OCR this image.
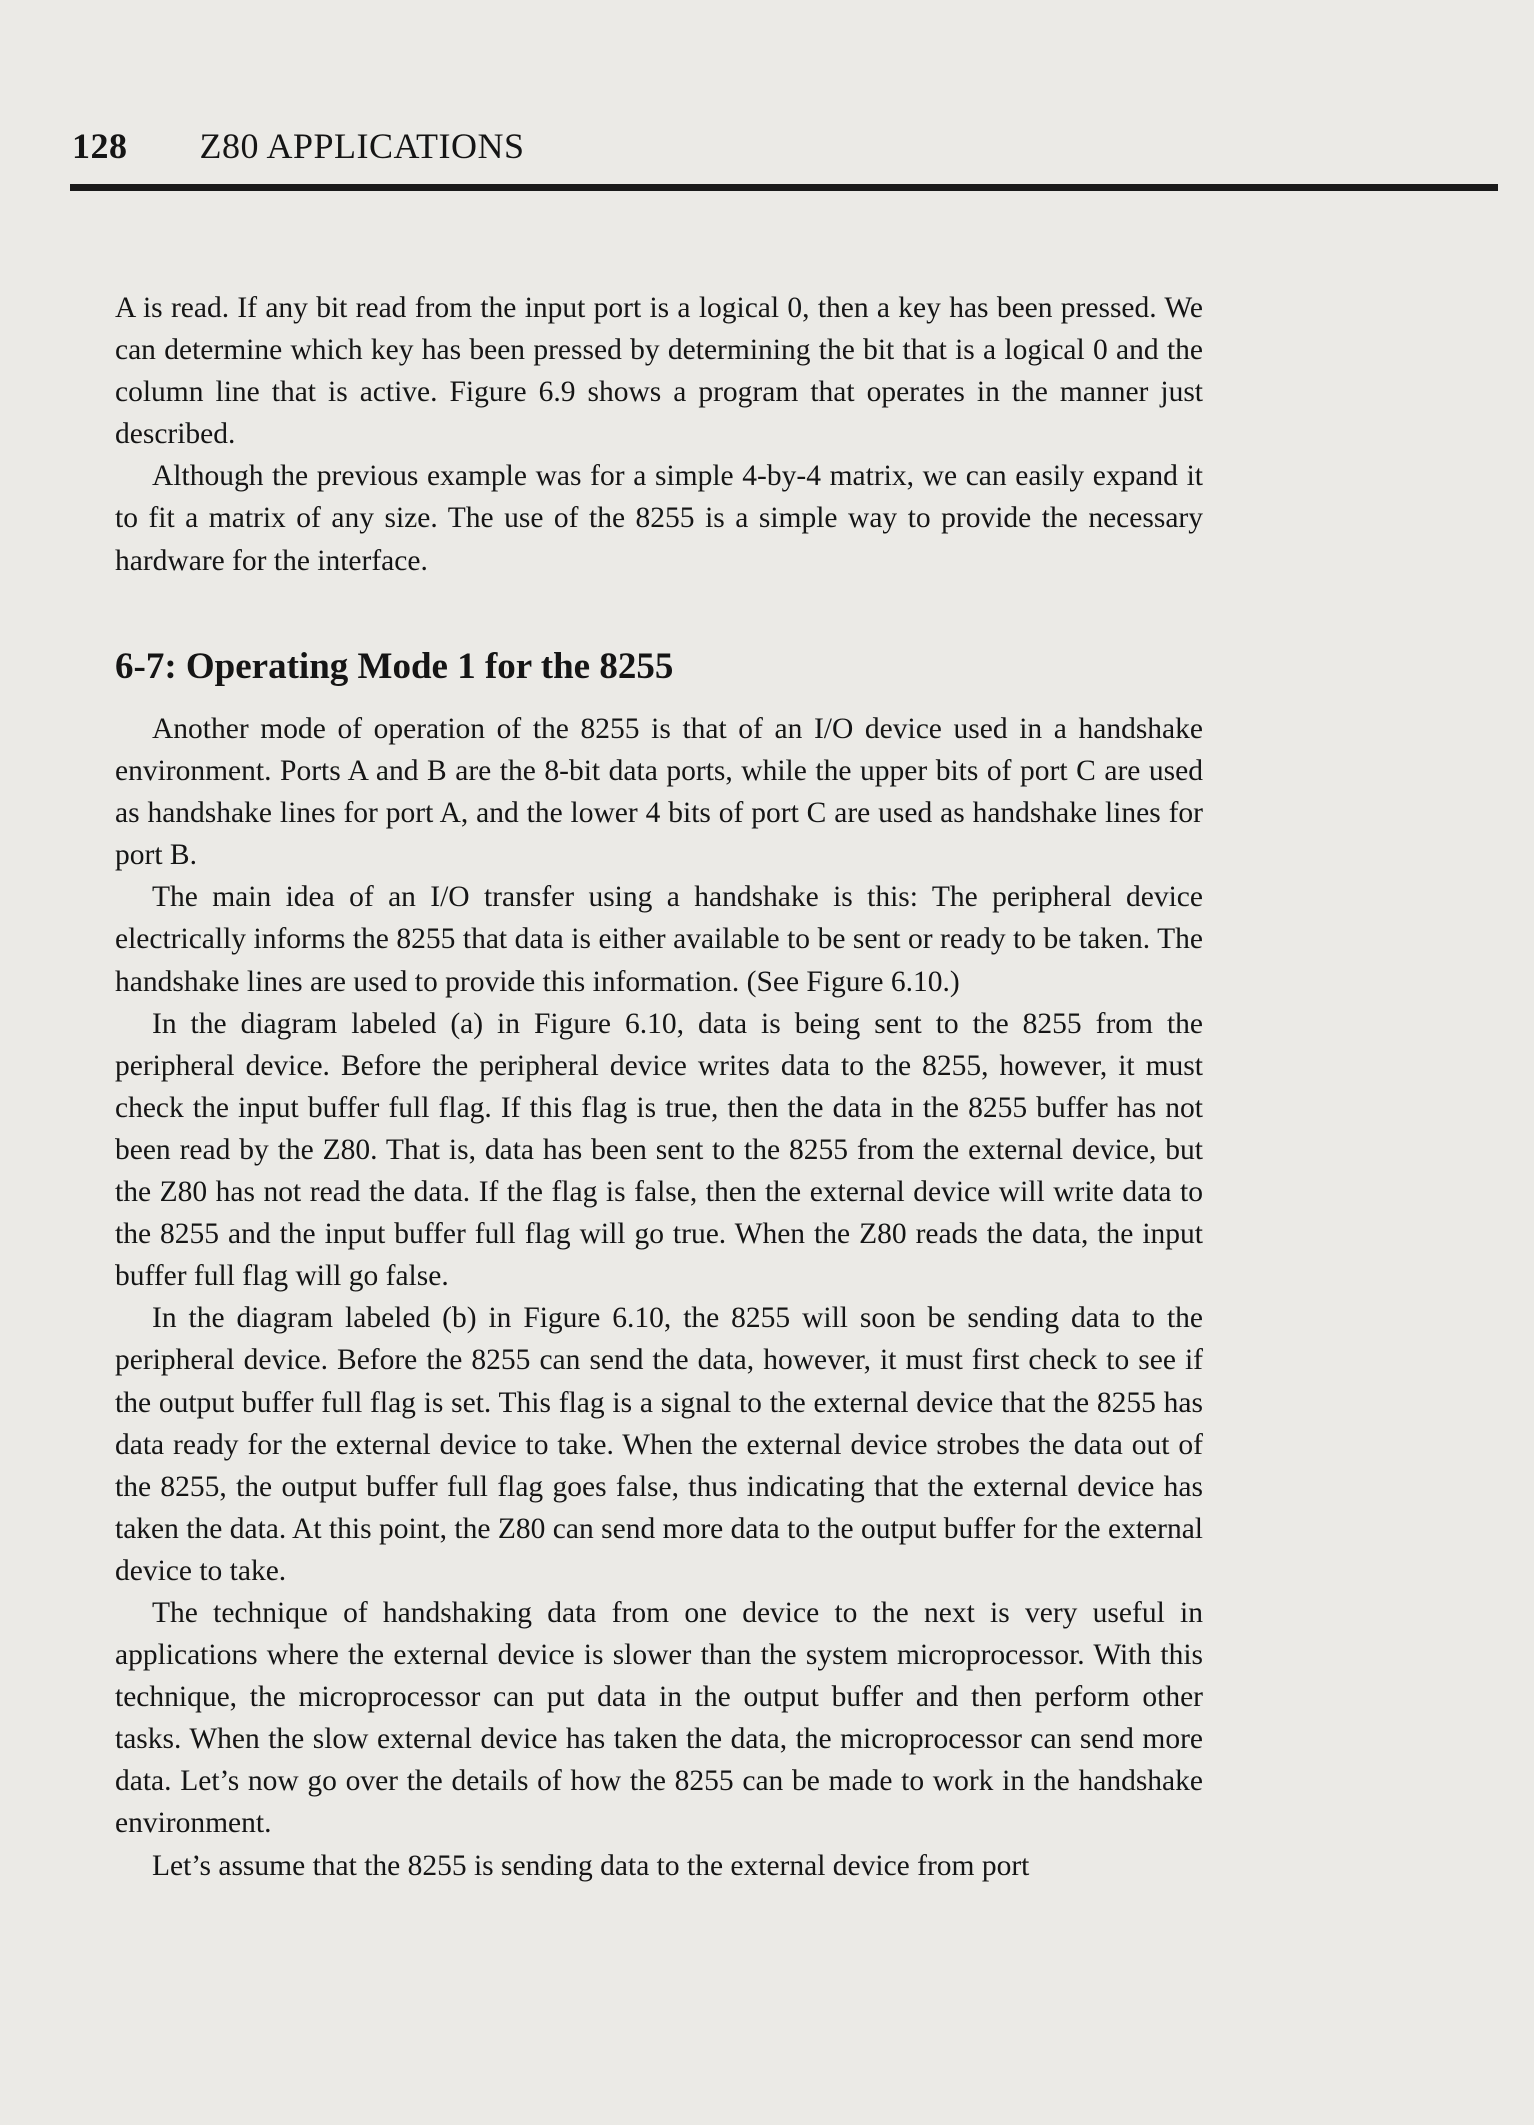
128 Z80 APPLICATIONS

A is read. If any bit read from the input port is a logical 0, then a key has been pressed. We can determine which key has been pressed by determining the bit that is a logical 0 and the column line that is active. Figure 6.9 shows a program that operates in the manner just described.

Although the previous example was for a simple 4-by-4 matrix, we can easily expand it to fit a matrix of any size. The use of the 8255 is a simple way to provide the necessary hardware for the interface.

6-7: Operating Mode 1 for the 8255

Another mode of operation of the 8255 is that of an I/O device used in a handshake environment. Ports A and B are the 8-bit data ports, while the upper bits of port C are used as handshake lines for port A, and the lower 4 bits of port C are used as handshake lines for port B.

The main idea of an I/O transfer using a handshake is this: The peripheral device electrically informs the 8255 that data is either available to be sent or ready to be taken. The handshake lines are used to provide this information. (See Figure 6.10.)

In the diagram labeled (a) in Figure 6.10, data is being sent to the 8255 from the peripheral device. Before the peripheral device writes data to the 8255, however, it must check the input buffer full flag. If this flag is true, then the data in the 8255 buffer has not been read by the Z80. That is, data has been sent to the 8255 from the external device, but the Z80 has not read the data. If the flag is false, then the external device will write data to the 8255 and the input buffer full flag will go true. When the Z80 reads the data, the input buffer full flag will go false.

In the diagram labeled (b) in Figure 6.10, the 8255 will soon be sending data to the peripheral device. Before the 8255 can send the data, however, it must first check to see if the output buffer full flag is set. This flag is a signal to the external device that the 8255 has data ready for the external device to take. When the external device strobes the data out of the 8255, the output buffer full flag goes false, thus indicating that the external device has taken the data. At this point, the Z80 can send more data to the output buffer for the external device to take.

The technique of handshaking data from one device to the next is very useful in applications where the external device is slower than the system microprocessor. With this technique, the microprocessor can put data in the output buffer and then perform other tasks. When the slow external device has taken the data, the microprocessor can send more data. Let’s now go over the details of how the 8255 can be made to work in the handshake environment.

Let’s assume that the 8255 is sending data to the external device from port
